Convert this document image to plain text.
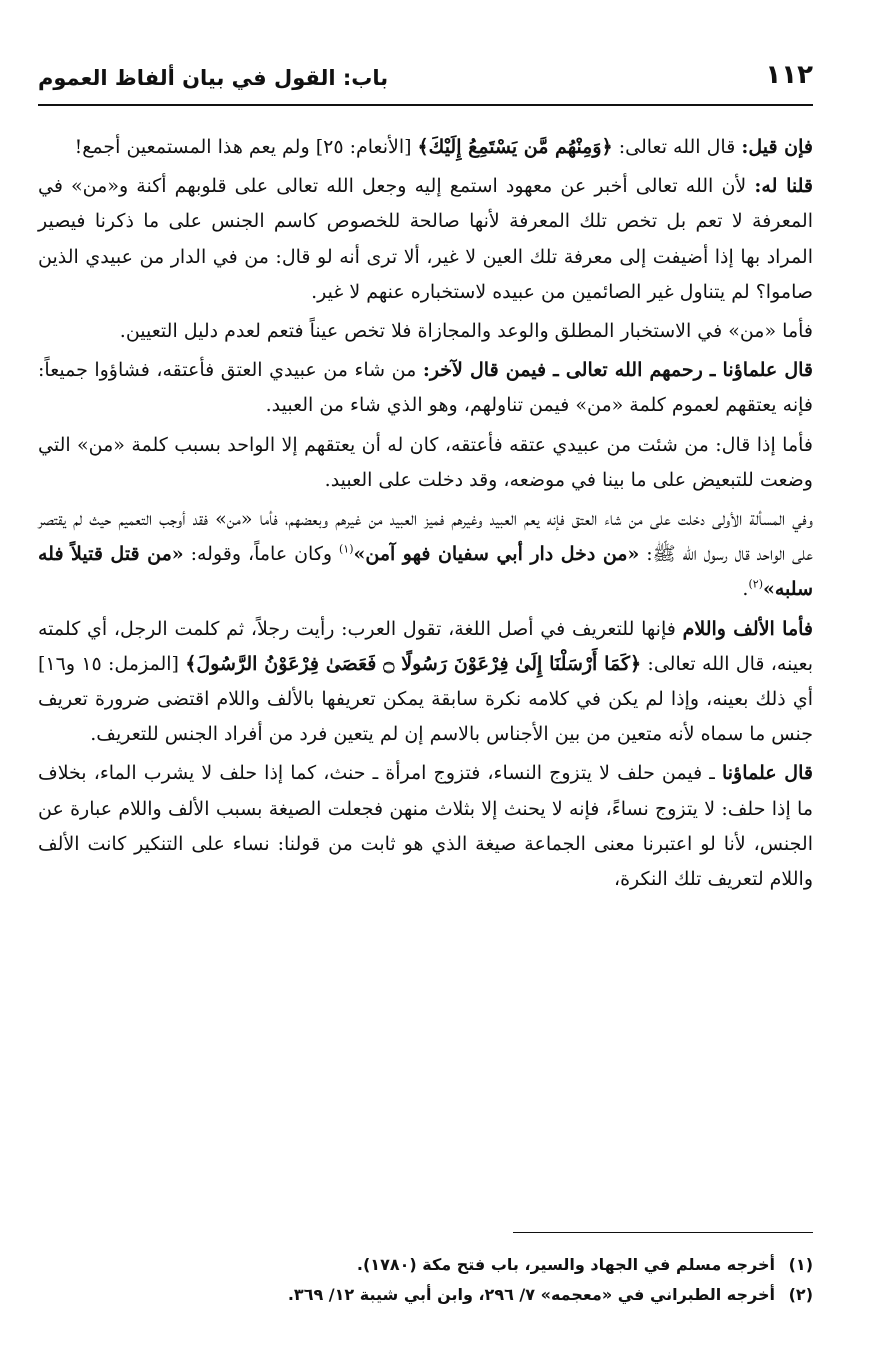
١١٢
باب: القول في بيان ألفاظ العموم

فإن قيل: قال الله تعالى: ﴿وَمِنْهُم مَّن يَسْتَمِعُ إِلَيْكَ﴾ [الأنعام: ٢٥] ولم يعم هذا المستمعين أجمع!

قلنا له: لأن الله تعالى أخبر عن معهود استمع إليه وجعل الله تعالى على قلوبهم أكنة و«من» في المعرفة لا تعم بل تخص تلك المعرفة لأنها صالحة للخصوص كاسم الجنس على ما ذكرنا فيصير المراد بها إذا أضيفت إلى معرفة تلك العين لا غير، ألا ترى أنه لو قال: من في الدار من عبيدي الذين صاموا؟ لم يتناول غير الصائمين من عبيده لاستخباره عنهم لا غير.

فأما «من» في الاستخبار المطلق والوعد والمجازاة فلا تخص عيناً فتعم لعدم دليل التعيين.

قال علماؤنا ـ رحمهم الله تعالى ـ فيمن قال لآخر: من شاء من عبيدي العتق فأعتقه، فشاؤوا جميعاً: فإنه يعتقهم لعموم كلمة «من» فيمن تناولهم، وهو الذي شاء من العبيد.

فأما إذا قال: من شئت من عبيدي عتقه فأعتقه، كان له أن يعتقهم إلا الواحد بسبب كلمة «من» التي وضعت للتبعيض على ما بينا في موضعه، وقد دخلت على العبيد.

وفي المسألة الأولى دخلت على من شاء العتق فإنه يعم العبيد وغيرهم فميز العبيد من غيرهم وبعضهم، فأما «من» فقد أوجب التعميم حيث لم يقتصر على الواحد قال رسول الله ﷺ: «من دخل دار أبي سفيان فهو آمن»$^{(١)}$ وكان عاماً، وقوله: «من قتل قتيلاً فله سلبه»$^{(٢)}$.

فأما الألف واللام فإنها للتعريف في أصل اللغة، تقول العرب: رأيت رجلاً، ثم كلمت الرجل، أي كلمته بعينه، قال الله تعالى: ﴿كَمَا أَرْسَلْنَا إِلَىٰ فِرْعَوْنَ رَسُولًا ۝ فَعَصَىٰ فِرْعَوْنُ الرَّسُولَ﴾ [المزمل: ١٥ و١٦] أي ذلك بعينه، وإذا لم يكن في كلامه نكرة سابقة يمكن تعريفها بالألف واللام اقتضى ضرورة تعريف جنس ما سماه لأنه متعين من بين الأجناس بالاسم إن لم يتعين فرد من أفراد الجنس للتعريف.

قال علماؤنا ـ فيمن حلف لا يتزوج النساء، فتزوج امرأة ـ حنث، كما إذا حلف لا يشرب الماء، بخلاف ما إذا حلف: لا يتزوج نساءً، فإنه لا يحنث إلا بثلاث منهن فجعلت الصيغة بسبب الألف واللام عبارة عن الجنس، لأنا لو اعتبرنا معنى الجماعة صيغة الذي هو ثابت من قولنا: نساء على التنكير كانت الألف واللام لتعريف تلك النكرة،

(١)أخرجه مسلم في الجهاد والسير، باب فتح مكة (١٧٨٠).
(٢)أخرجه الطبراني في «معجمه» ٧/ ٢٩٦، وابن أبي شيبة ١٢/ ٣٦٩.
